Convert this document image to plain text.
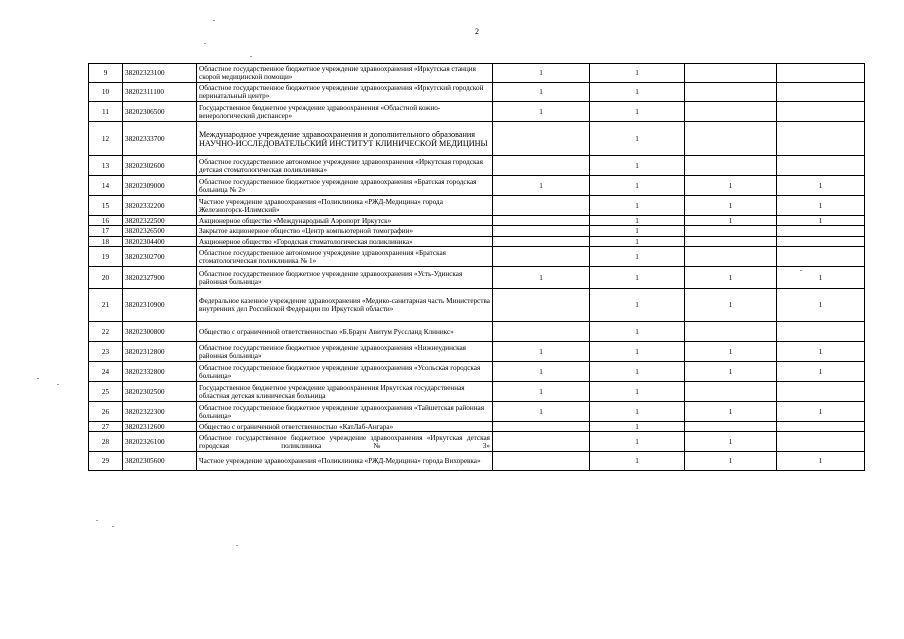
2
9	38202323100	Областное государственное бюджетное учреждение здравоохранения «Иркутская станция скорой медицинской помощи»	1	1		
10	38202311100	Областное государственное бюджетное учреждение здравоохранения «Иркутский городской перинатальный центр»	1	1		
11	38202306500	Государственное бюджетное учреждение здравоохранения «Областной кожно-венерологический диспансер»	1	1		
12	38202333700	Международное учреждение здравоохранения и дополнительного образования НАУЧНО-ИССЛЕДОВАТЕЛЬСКИЙ ИНСТИТУТ КЛИНИЧЕСКОЙ МЕДИЦИНЫ		1		
13	38202302600	Областное государственное автономное учреждение здравоохранения «Иркутская городская детская стоматологическая поликлиника»		1		
14	38202309000	Областное государственное бюджетное учреждение здравоохранения «Братская городская больница № 2»	1	1	1	1
15	38202332200	Частное учреждение здравоохранения «Поликлиника «РЖД-Медицина» города Железногорск-Илимский»		1	1	1
16	38202322500	Акционерное общество «Международный Аэропорт Иркутск»		1	1	1
17	38202326500	Закрытое акционерное общество «Центр компьютерной томографии»		1		
18	38202304400	Акционерное общество «Городская стоматологическая поликлиника»		1		
19	38202302700	Областное государственное автономное учреждение здравоохранения «Братская стоматологическая поликлиника № 1»		1		
20	38202327900	Областное государственное бюджетное учреждение здравоохранения «Усть-Удинская районная больница»	1	1	1	1
21	38202310900	Федеральное казенное учреждение здравоохранения «Медико-санитарная часть Министерства внутренних дел Российской Федерации по Иркутской области»		1	1	1
22	38202300800	Общество с ограниченной ответственностью «Б.Браун Авитум Руссланд Клиникс»		1		
23	38202312800	Областное государственное бюджетное учреждение здравоохранения «Нижнеудинская районная больница»	1	1	1	1
24	38202332800	Областное государственное бюджетное учреждение здравоохранения «Усольская городская больница»	1	1	1	1
25	38202302500	Государственное бюджетное учреждение здравоохранения Иркутская государственная областная детская клиническая больница	1	1		
26	38202322300	Областное государственное бюджетное учреждение здравоохранения «Тайшетская районная больница»	1	1	1	1
27	38202312600	Общество с ограниченной ответственностью «КатЛаб-Ангара»		1		
28	38202326100	Областное государственное бюджетное учреждение здравоохранения «Иркутская детская городская поликлиника № 3»		1	1	
29	38202305600	Частное учреждение здравоохранения «Поликлиника «РЖД-Медицина» города Вихоревка»		1	1	1
